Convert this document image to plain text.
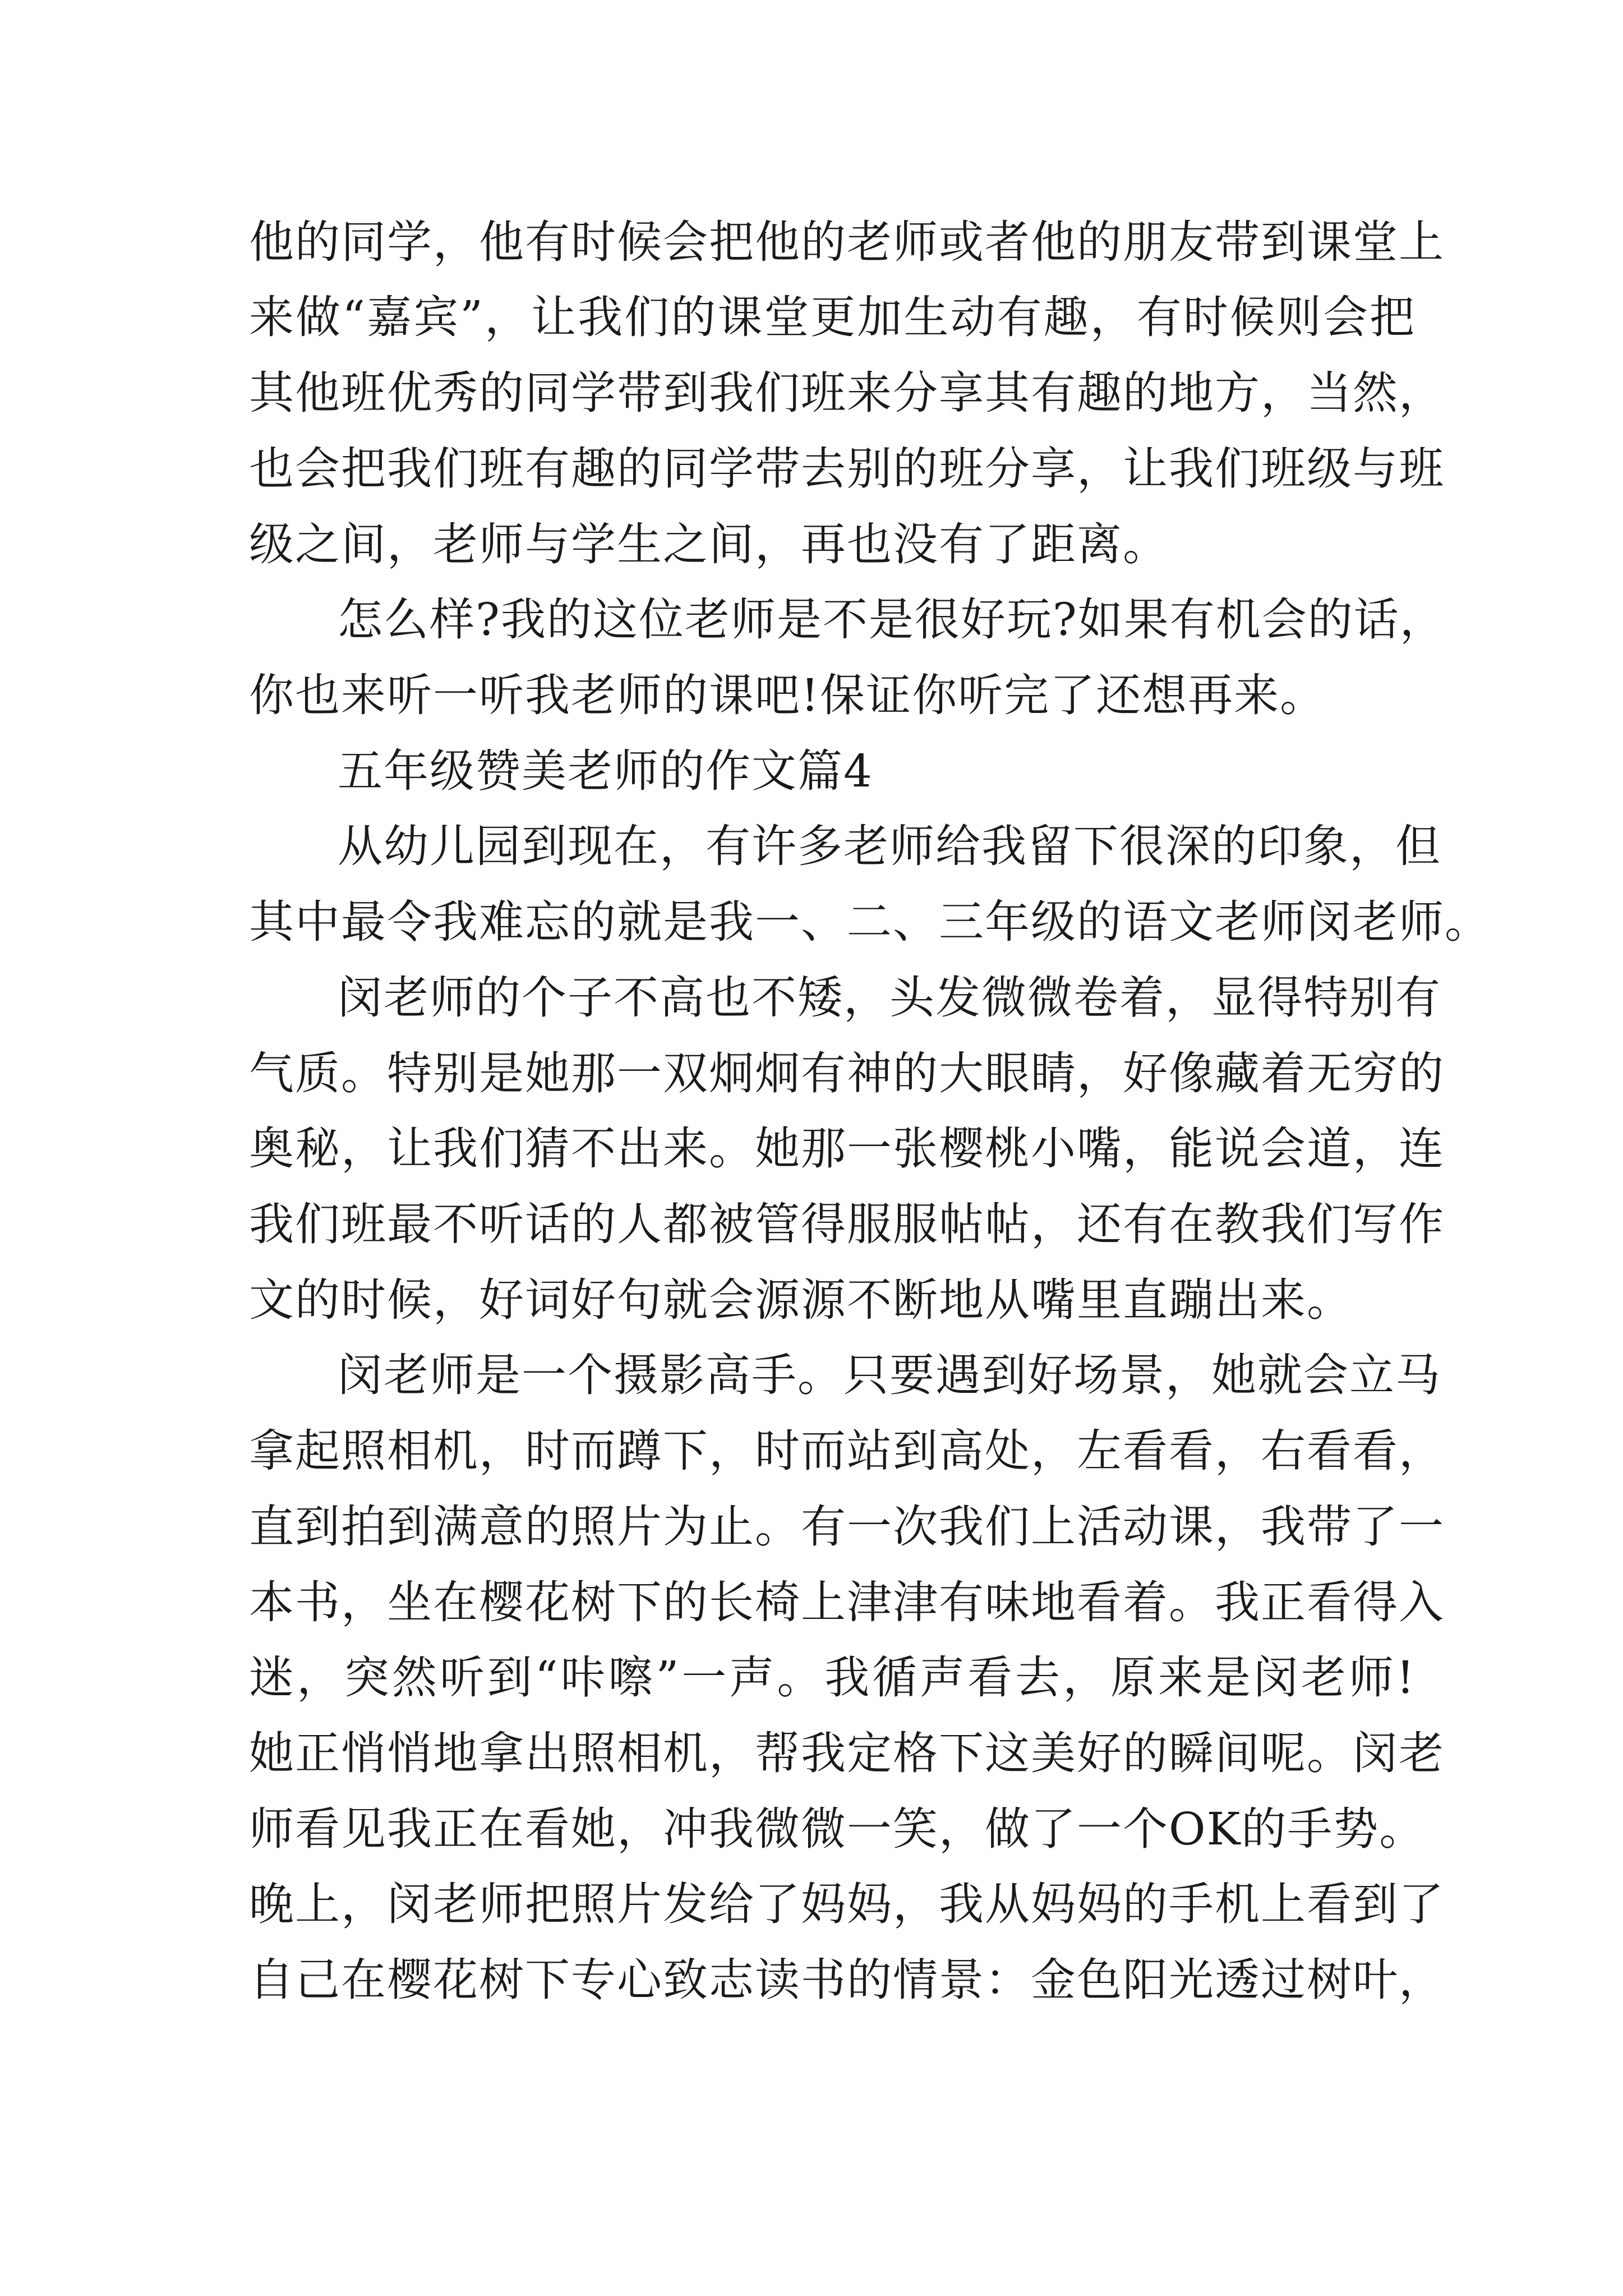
他的同学，他有时候会把他的老师或者他的朋友带到课堂上
来做“嘉宾”，让我们的课堂更加生动有趣，有时候则会把
其他班优秀的同学带到我们班来分享其有趣的地方，当然，
也会把我们班有趣的同学带去别的班分享，让我们班级与班
级之间，老师与学生之间，再也没有了距离。
怎么样?我的这位老师是不是很好玩?如果有机会的话，
你也来听一听我老师的课吧!保证你听完了还想再来。
五年级赞美老师的作文篇4
从幼儿园到现在，有许多老师给我留下很深的印象，但
其中最令我难忘的就是我一、二、三年级的语文老师闵老师。
闵老师的个子不高也不矮，头发微微卷着，显得特别有
气质。特别是她那一双炯炯有神的大眼睛，好像藏着无穷的
奥秘，让我们猜不出来。她那一张樱桃小嘴，能说会道，连
我们班最不听话的人都被管得服服帖帖，还有在教我们写作
文的时候，好词好句就会源源不断地从嘴里直蹦出来。
闵老师是一个摄影高手。只要遇到好场景，她就会立马
拿起照相机，时而蹲下，时而站到高处，左看看，右看看，
直到拍到满意的照片为止。有一次我们上活动课，我带了一
本书，坐在樱花树下的长椅上津津有味地看着。我正看得入
迷，突然听到“咔嚓”一声。我循声看去，原来是闵老师!
她正悄悄地拿出照相机，帮我定格下这美好的瞬间呢。闵老
师看见我正在看她，冲我微微一笑，做了一个OK的手势。
晚上，闵老师把照片发给了妈妈，我从妈妈的手机上看到了
自己在樱花树下专心致志读书的情景：金色阳光透过树叶，
